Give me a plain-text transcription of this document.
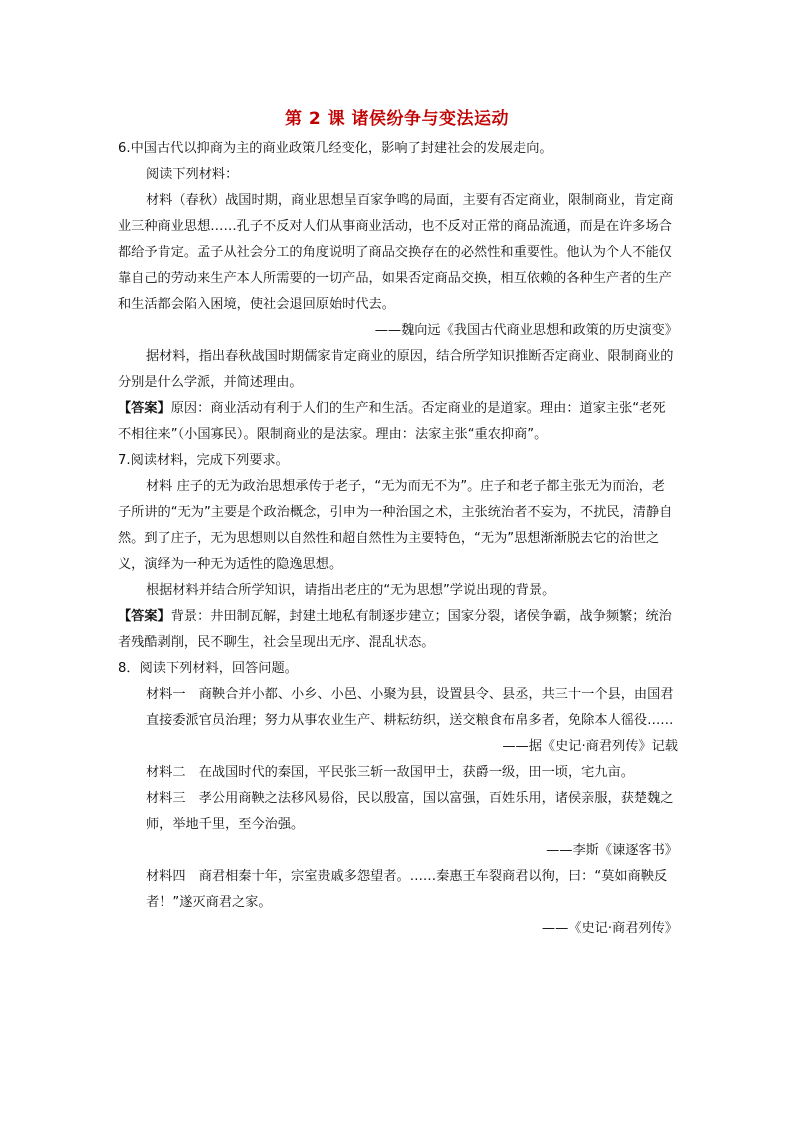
第 2 课 诸侯纷争与变法运动

6.中国古代以抑商为主的商业政策几经变化，影响了封建社会的发展走向。

阅读下列材料：

材料（春秋）战国时期，商业思想呈百家争鸣的局面，主要有否定商业，限制商业，肯定商业三种商业思想……孔子不反对人们从事商业活动，也不反对正常的商品流通，而是在许多场合都给予肯定。孟子从社会分工的角度说明了商品交换存在的必然性和重要性。他认为个人不能仅靠自己的劳动来生产本人所需要的一切产品，如果否定商品交换，相互依赖的各种生产者的生产和生活都会陷入困境，使社会退回原始时代去。

——魏向远《我国古代商业思想和政策的历史演变》

据材料，指出春秋战国时期儒家肯定商业的原因，结合所学知识推断否定商业、限制商业的分别是什么学派，并简述理由。

【答案】原因：商业活动有利于人们的生产和生活。否定商业的是道家。理由：道家主张“老死不相往来”（小国寡民）。限制商业的是法家。理由：法家主张“重农抑商”。

7.阅读材料，完成下列要求。

材料 庄子的无为政治思想承传于老子，“无为而无不为”。庄子和老子都主张无为而治，老子所讲的“无为”主要是个政治概念，引申为一种治国之术，主张统治者不妄为，不扰民，清静自然。到了庄子，无为思想则以自然性和超自然性为主要特色，“无为”思想渐渐脱去它的治世之义，演绎为一种无为适性的隐逸思想。

根据材料并结合所学知识，请指出老庄的“无为思想”学说出现的背景。

【答案】背景：井田制瓦解，封建土地私有制逐步建立；国家分裂，诸侯争霸，战争频繁；统治者残酷剥削，民不聊生，社会呈现出无序、混乱状态。

8．阅读下列材料，回答问题。

材料一　商鞅合并小都、小乡、小邑、小聚为县，设置县令、县丞，共三十一个县，由国君直接委派官员治理；努力从事农业生产、耕耘纺织，送交粮食布帛多者，免除本人徭役……

——据《史记·商君列传》记载

材料二　在战国时代的秦国，平民张三斩一敌国甲士，获爵一级，田一顷，宅九亩。

材料三　孝公用商鞅之法移风易俗，民以殷富，国以富强，百姓乐用，诸侯亲服，获楚魏之师，举地千里，至今治强。

——李斯《谏逐客书》

材料四　商君相秦十年，宗室贵戚多怨望者。……秦惠王车裂商君以徇，曰：“莫如商鞅反者！”遂灭商君之家。

——《史记·商君列传》
